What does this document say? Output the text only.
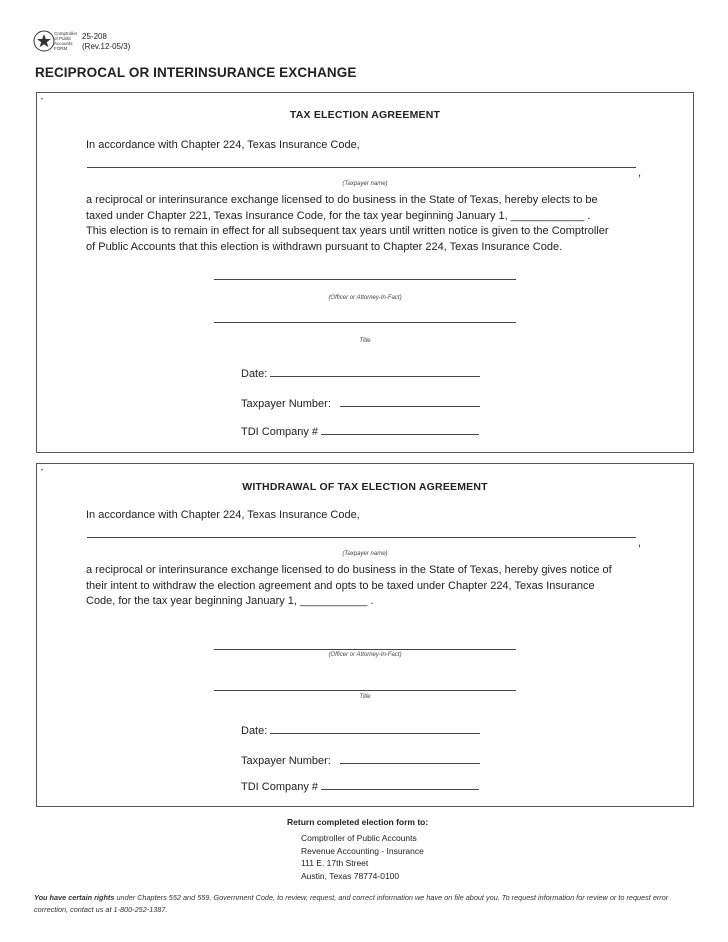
Comptroller
of Public
Accounts
FORM
25-208
(Rev.12-05/3)
RECIPROCAL OR INTERINSURANCE EXCHANGE
•
TAX ELECTION AGREEMENT
In accordance with Chapter 224, Texas Insurance Code,
,
(Taxpayer name)
a reciprocal or interinsurance exchange licensed to do business in the State of Texas, hereby elects to be
taxed under Chapter 221, Texas Insurance Code, for the tax year beginning January 1, ____________ .
This election is to remain in effect for all subsequent tax years until written notice is given to the Comptroller
of Public Accounts that this election is withdrawn pursuant to Chapter 224, Texas Insurance Code.
(Officer or Attorney-In-Fact)
Title
Date:
Taxpayer Number:
TDI Company #
•
WITHDRAWAL OF TAX ELECTION AGREEMENT
In accordance with Chapter 224, Texas Insurance Code,
,
(Taxpayer name)
a reciprocal or interinsurance exchange licensed to do business in the State of Texas, hereby gives notice of
their intent to withdraw the election agreement and opts to be taxed under Chapter 224, Texas Insurance
Code, for the tax year beginning January 1, ___________ .
(Officer or Attorney-In-Fact)
Title
Date:
Taxpayer Number:
TDI Company #
Return completed election form to:
Comptroller of Public Accounts
Revenue Accounting - Insurance
111 E. 17th Street
Austin, Texas 78774-0100
You have certain rights under Chapters 552 and 559, Government Code, to review, request, and correct information we have on file about you. To request information for review or to request error correction, contact us at 1-800-252-1387.
